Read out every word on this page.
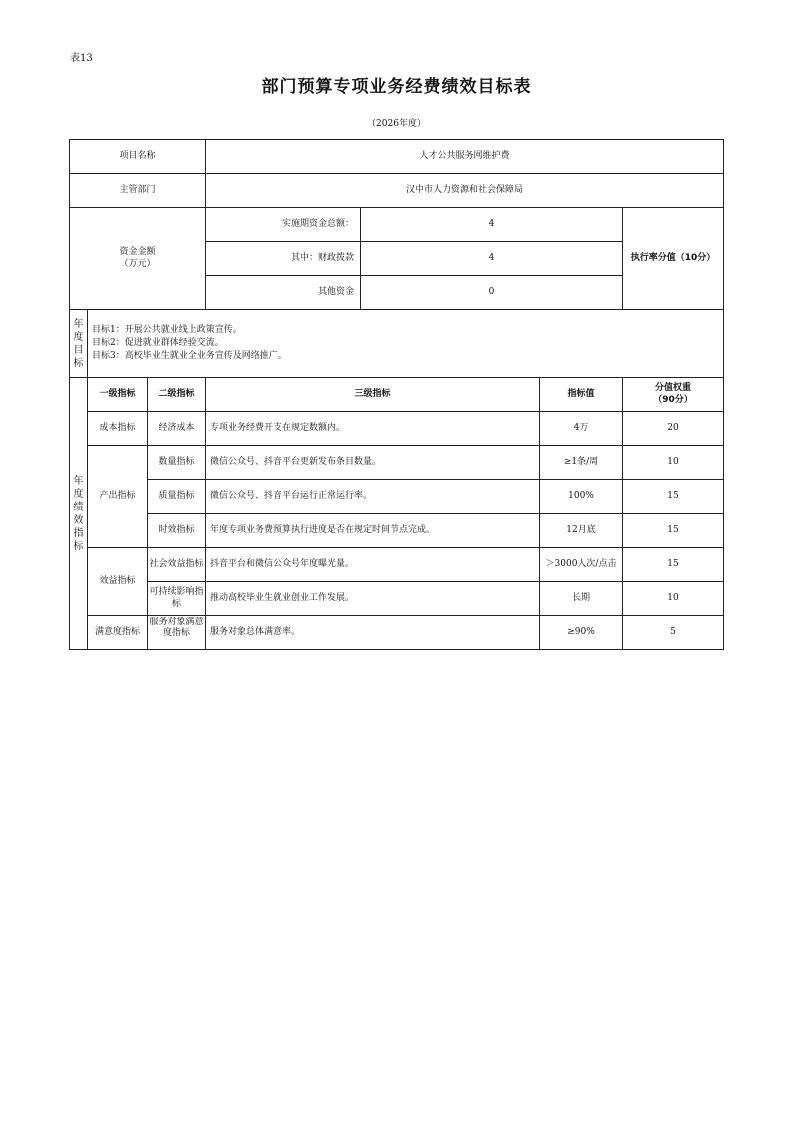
表13
部门预算专项业务经费绩效目标表
（2026年度）
项目名称			人才公共服务网维护费			
主管部门			汉中市人力资源和社会保障局			

资金金额
（万元）			实施期资金总额：	4		执行率分值（10分）
			其中：财政拨款	4		
			其他资金	0		

年度目标	目标1：开展公共就业线上政策宣传。
目标2：促进就业群体经验交流。
目标3：高校毕业生就业全业务宣传及网络推广。					

年度绩效指标	一级指标	二级指标	三级指标		指标值	分值权重
（90分）

	成本指标	经济成本	专项业务经费开支在规定数额内。		4万	20
	产出指标	数量指标	微信公众号、抖音平台更新发布条目数量。		≥1条/周	10
		质量指标	微信公众号、抖音平台运行正常运行率。		100%	15
		时效指标	年度专项业务费预算执行进度是否在规定时间节点完成。		12月底	15
	效益指标	社会效益指标	抖音平台和微信公众号年度曝光量。		＞3000人次/点击	15
		可持续影响指标	推动高校毕业生就业创业工作发展。		长期	10
	满意度指标	服务对象满意度指标	服务对象总体满意率。		≥90%	5
